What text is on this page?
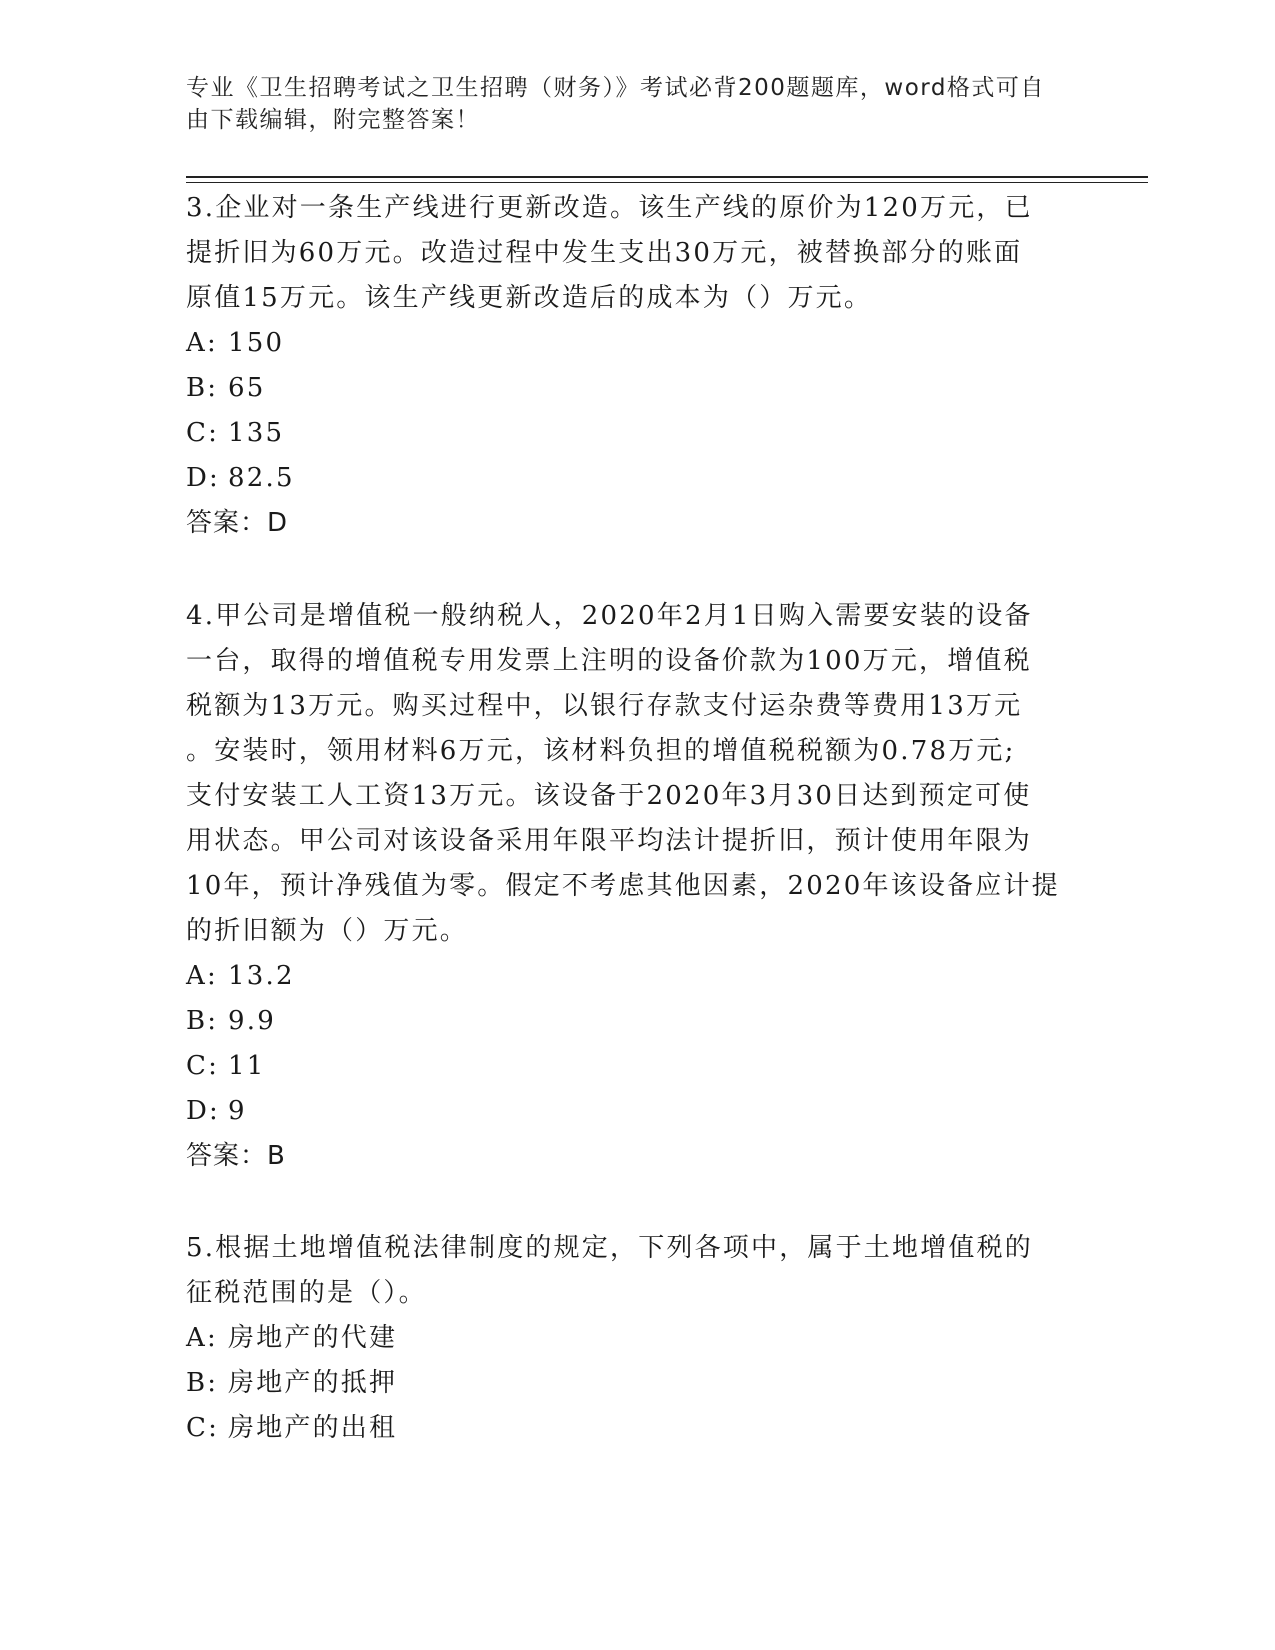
专业《卫生招聘考试之卫生招聘（财务）》考试必背200题题库，word格式可自
由下载编辑，附完整答案！
3.企业对一条生产线进行更新改造。该生产线的原价为120万元，已
提折旧为60万元。改造过程中发生支出30万元，被替换部分的账面
原值15万元。该生产线更新改造后的成本为（）万元。
A: 150
B: 65
C: 135
D: 82.5
答案：D
4.甲公司是增值税一般纳税人，2020年2月1日购入需要安装的设备
一台，取得的增值税专用发票上注明的设备价款为100万元，增值税
税额为13万元。购买过程中，以银行存款支付运杂费等费用13万元
。安装时，领用材料6万元，该材料负担的增值税税额为0.78万元;
支付安装工人工资13万元。该设备于2020年3月30日达到预定可使
用状态。甲公司对该设备采用年限平均法计提折旧，预计使用年限为
10年，预计净残值为零。假定不考虑其他因素，2020年该设备应计提
的折旧额为（）万元。
A: 13.2
B: 9.9
C: 11
D: 9
答案：B
5.根据土地增值税法律制度的规定，下列各项中，属于土地增值税的
征税范围的是（）。
A: 房地产的代建
B: 房地产的抵押
C: 房地产的出租
